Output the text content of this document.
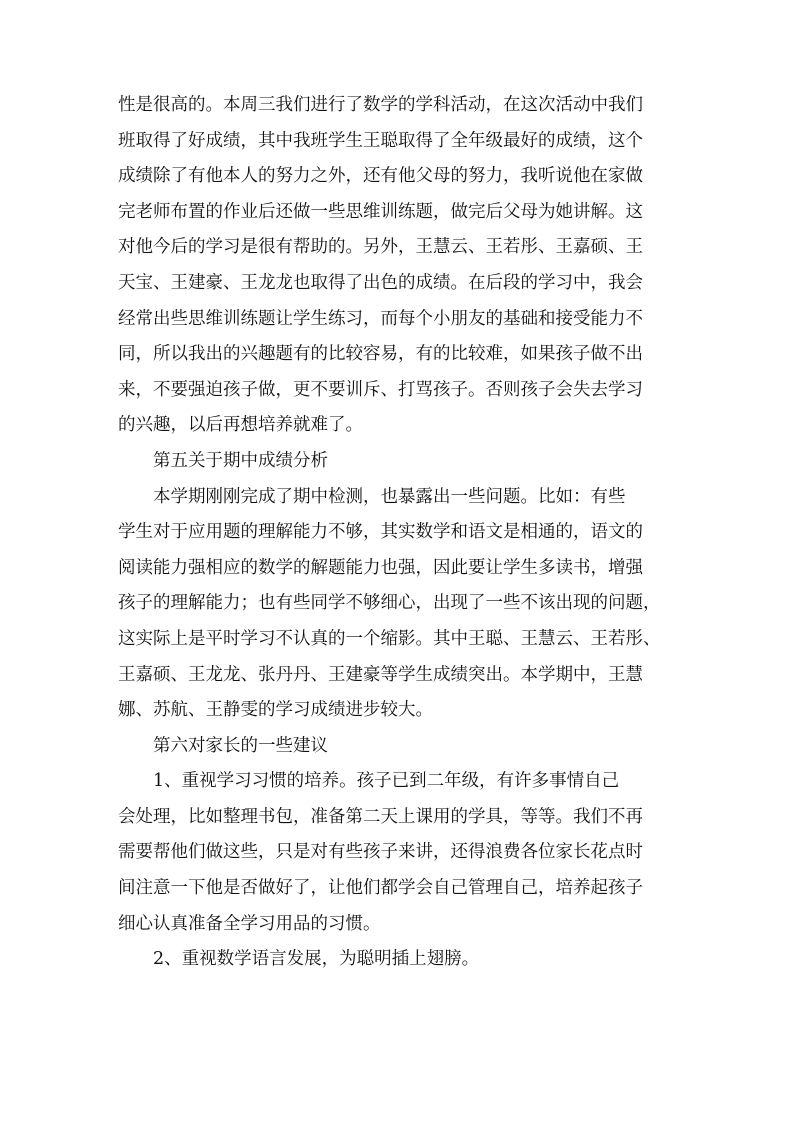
性是很高的。本周三我们进行了数学的学科活动，在这次活动中我们
班取得了好成绩，其中我班学生王聪取得了全年级最好的成绩，这个
成绩除了有他本人的努力之外，还有他父母的努力，我听说他在家做
完老师布置的作业后还做一些思维训练题，做完后父母为她讲解。这
对他今后的学习是很有帮助的。另外，王慧云、王若彤、王嘉硕、王
天宝、王建豪、王龙龙也取得了出色的成绩。在后段的学习中，我会
经常出些思维训练题让学生练习，而每个小朋友的基础和接受能力不
同，所以我出的兴趣题有的比较容易，有的比较难，如果孩子做不出
来，不要强迫孩子做，更不要训斥、打骂孩子。否则孩子会失去学习
的兴趣，以后再想培养就难了。

第五关于期中成绩分析

本学期刚刚完成了期中检测，也暴露出一些问题。比如：有些
学生对于应用题的理解能力不够，其实数学和语文是相通的，语文的
阅读能力强相应的数学的解题能力也强，因此要让学生多读书，增强
孩子的理解能力；也有些同学不够细心，出现了一些不该出现的问题，
这实际上是平时学习不认真的一个缩影。其中王聪、王慧云、王若彤、
王嘉硕、王龙龙、张丹丹、王建豪等学生成绩突出。本学期中，王慧
娜、苏航、王静雯的学习成绩进步较大。

第六对家长的一些建议

1、重视学习习惯的培养。孩子已到二年级，有许多事情自己
会处理，比如整理书包，准备第二天上课用的学具，等等。我们不再
需要帮他们做这些，只是对有些孩子来讲，还得浪费各位家长花点时
间注意一下他是否做好了，让他们都学会自己管理自己，培养起孩子
细心认真准备全学习用品的习惯。

2、重视数学语言发展，为聪明插上翅膀。
